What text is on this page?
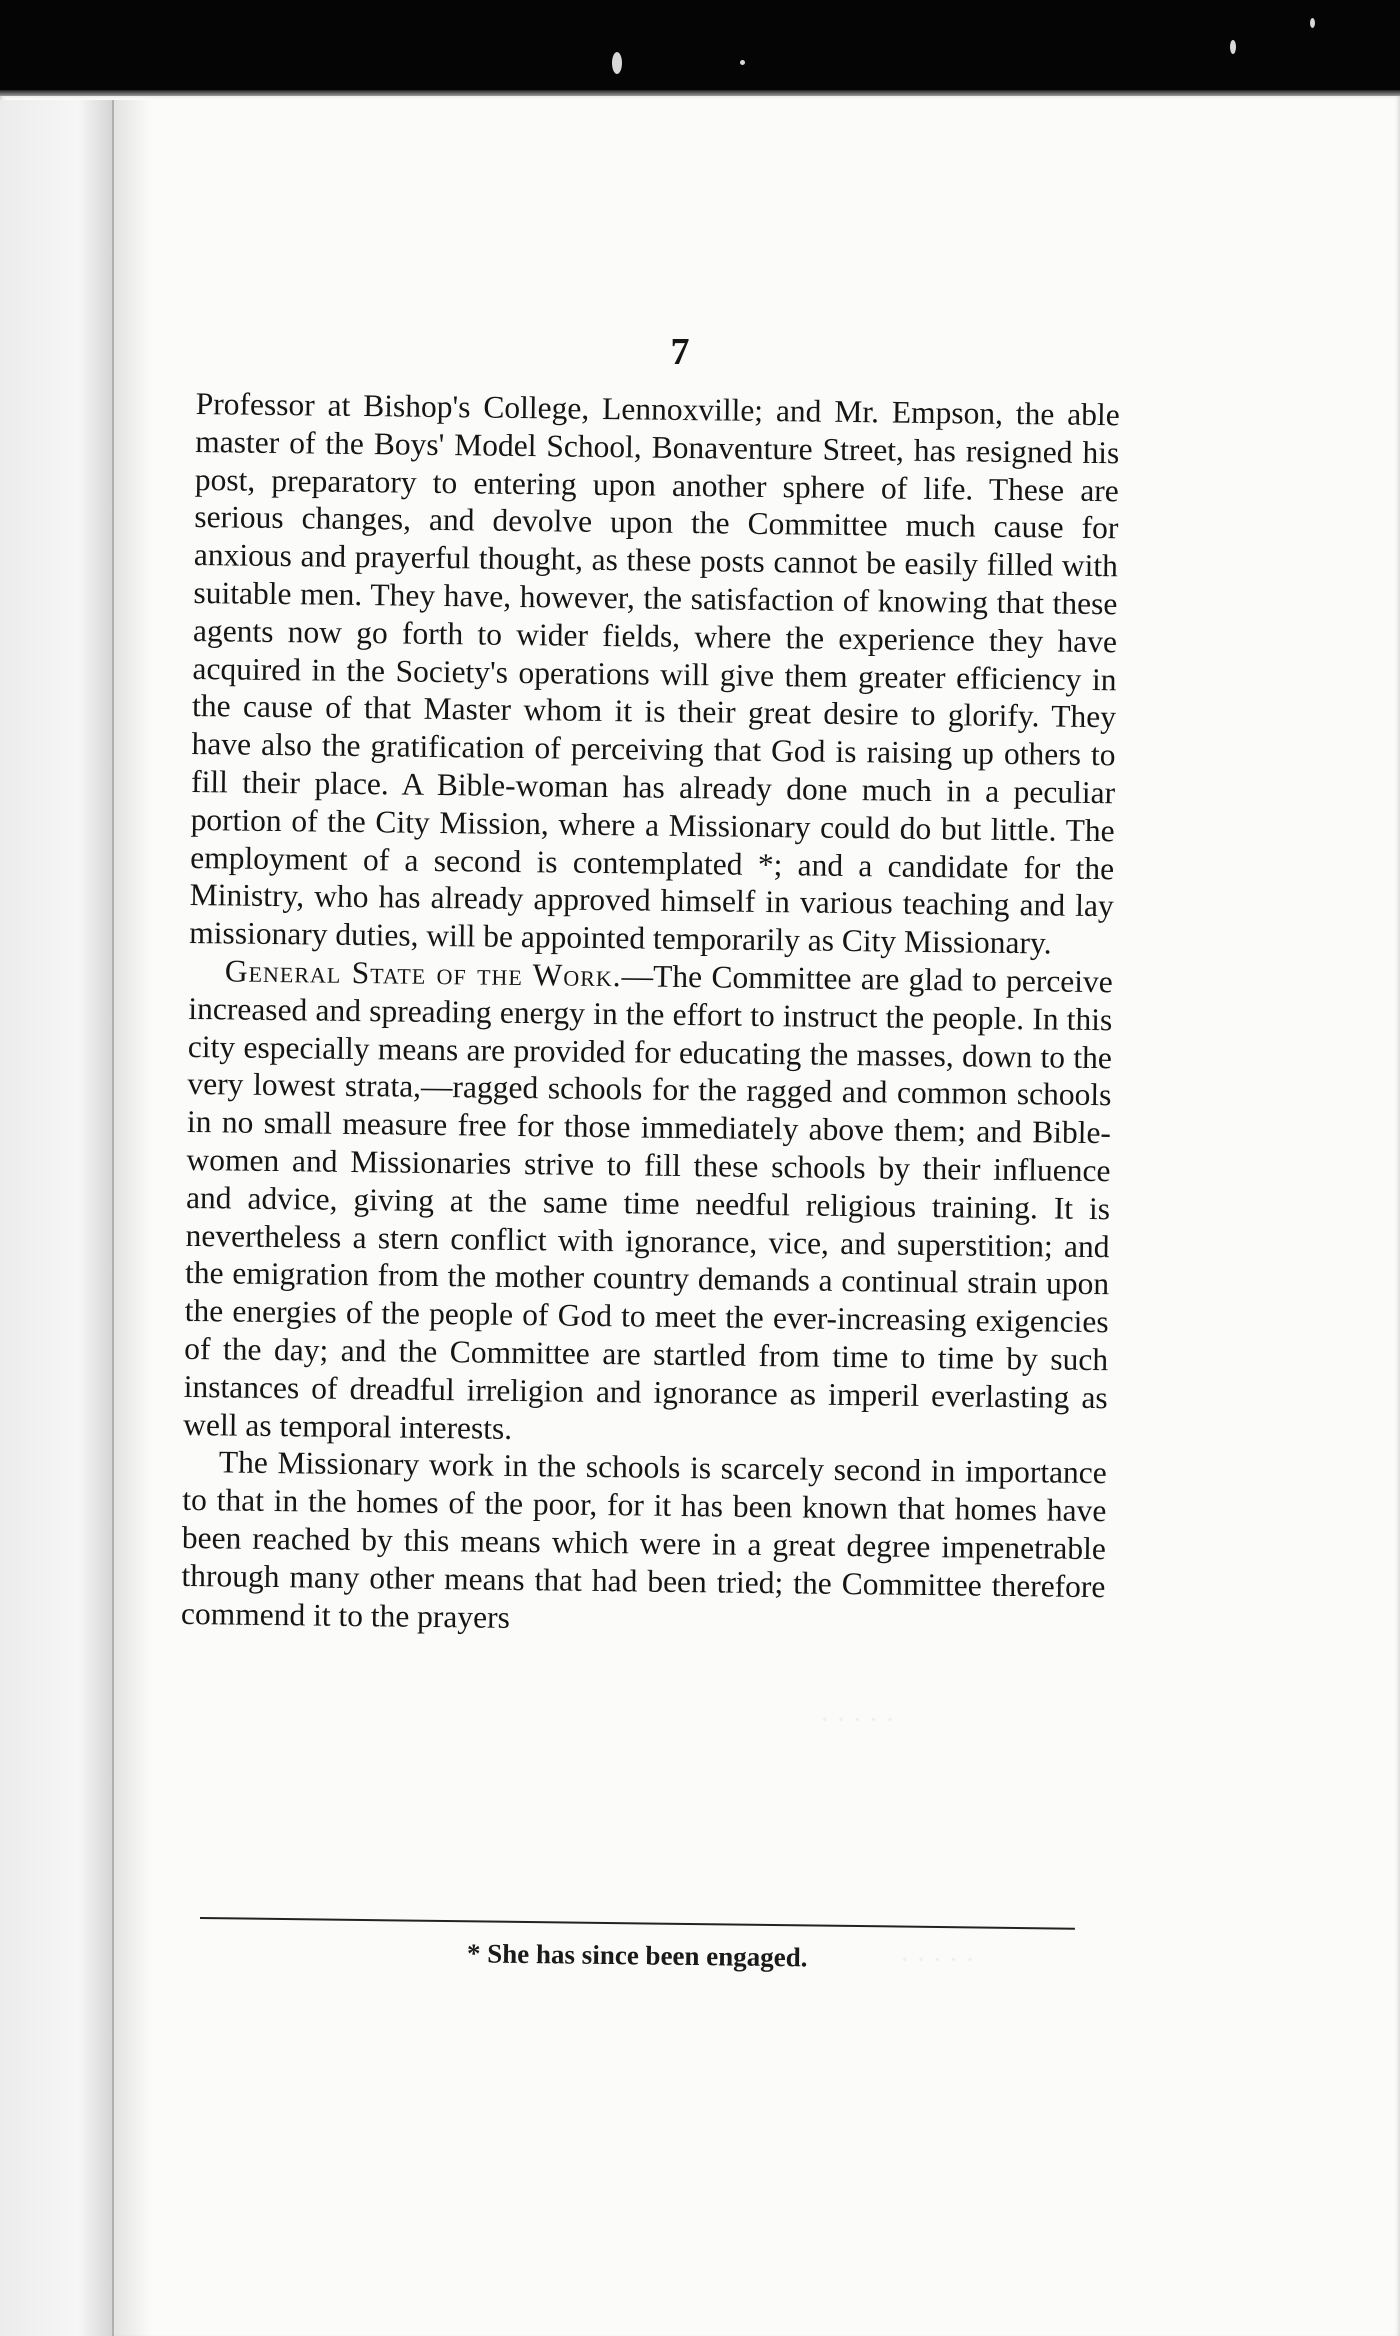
· · · · ·
· · · · ·
7

Professor at Bishop's College, Lennoxville; and Mr. Empson, the able master of the Boys' Model School, Bonaventure Street, has resigned his post, preparatory to entering upon another sphere of life. These are serious changes, and devolve upon the Committee much cause for anxious and prayerful thought, as these posts cannot be easily filled with suitable men. They have, however, the satisfaction of knowing that these agents now go forth to wider fields, where the experience they have acquired in the Society's operations will give them greater efficiency in the cause of that Master whom it is their great desire to glorify. They have also the gratification of perceiving that God is raising up others to fill their place. A Bible-woman has already done much in a peculiar portion of the City Mission, where a Missionary could do but little. The employment of a second is contemplated *; and a candidate for the Ministry, who has already approved himself in various teaching and lay missionary duties, will be appointed temporarily as City Missionary.

General State of the Work.—The Committee are glad to perceive increased and spreading energy in the effort to instruct the people. In this city especially means are provided for educating the masses, down to the very lowest strata,—ragged schools for the ragged and common schools in no small measure free for those immediately above them; and Bible-women and Missionaries strive to fill these schools by their influence and advice, giving at the same time needful religious training. It is nevertheless a stern conflict with ignorance, vice, and superstition; and the emigration from the mother country demands a continual strain upon the energies of the people of God to meet the ever-increasing exigencies of the day; and the Committee are startled from time to time by such instances of dreadful irreligion and ignorance as imperil everlasting as well as temporal interests.

The Missionary work in the schools is scarcely second in importance to that in the homes of the poor, for it has been known that homes have been reached by this means which were in a great degree impenetrable through many other means that had been tried; the Committee therefore commend it to the prayers

* She has since been engaged.
